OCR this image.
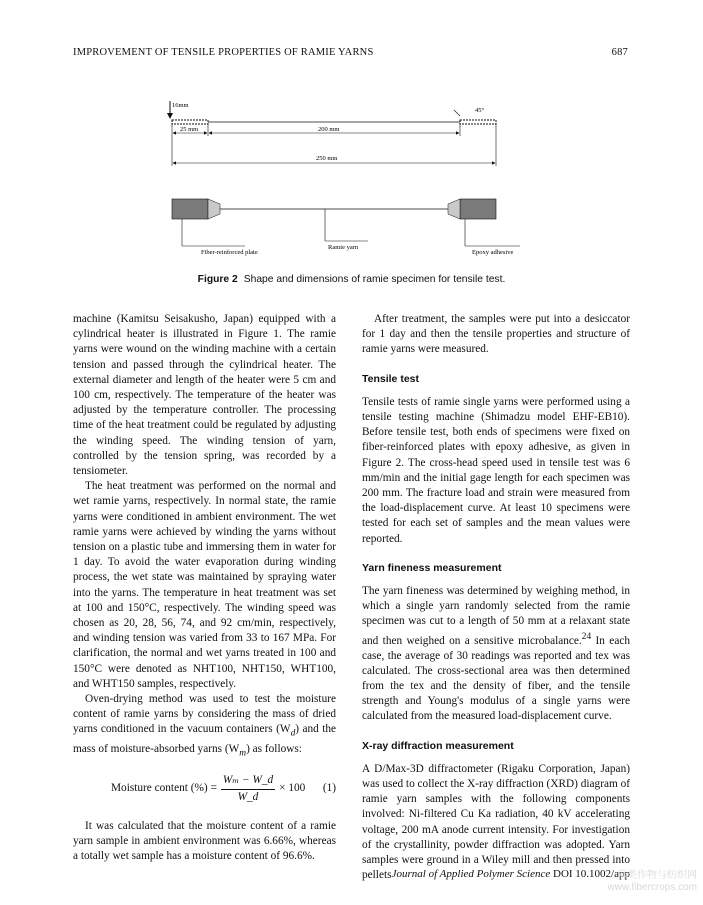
IMPROVEMENT OF TENSILE PROPERTIES OF RAMIE YARNS	687
16mm
45°
25 mm	200 mm
250 mm
Fiber-reinforced plate
Ramie yarn
Epoxy adhesive
Figure 2 Shape and dimensions of ramie specimen for tensile test.

machine (Kamitsu Seisakusho, Japan) equipped with a cylindrical heater is illustrated in Figure 1. The ramie yarns were wound on the winding machine with a certain tension and passed through the cylindrical heater. The external diameter and length of the heater were 5 cm and 100 cm, respectively. The temperature of the heater was adjusted by the temperature controller. The processing time of the heat treatment could be regulated by adjusting the winding speed. The winding tension of yarn, controlled by the tension spring, was recorded by a tensiometer.

The heat treatment was performed on the normal and wet ramie yarns, respectively. In normal state, the ramie yarns were conditioned in ambient environment. The wet ramie yarns were achieved by winding the yarns without tension on a plastic tube and immersing them in water for 1 day. To avoid the water evaporation during winding process, the wet state was maintained by spraying water into the yarns. The temperature in heat treatment was set at 100 and 150°C, respectively. The winding speed was chosen as 20, 28, 56, 74, and 92 cm/min, respectively, and winding tension was varied from 33 to 167 MPa. For clarification, the normal and wet yarns treated in 100 and 150°C were denoted as NHT100, NHT150, WHT100, and WHT150 samples, respectively.

Oven-drying method was used to test the moisture content of ramie yarns by considering the mass of dried yarns conditioned in the vacuum containers $(W_d)$ and the mass of moisture-absorbed yarns $(W_m)$ as follows:

Moisture content (%) = $\frac{\text{Wₘ − W\_d}}{W\_d} \times 100$ (1)

It was calculated that the moisture content of a ramie yarn sample in ambient environment was 6.66%, whereas a totally wet sample has a moisture content of 96.6%.

After treatment, the samples were put into a desiccator for 1 day and then the tensile properties and structure of ramie yarns were measured.

Tensile test

Tensile tests of ramie single yarns were performed using a tensile testing machine (Shimadzu model EHF-EB10). Before tensile test, both ends of specimens were fixed on fiber-reinforced plates with epoxy adhesive, as given in Figure 2. The cross-head speed used in tensile test was 6 mm/min and the initial gage length for each specimen was 200 mm. The fracture load and strain were measured from the load-displacement curve. At least 10 specimens were tested for each set of samples and the mean values were reported.

Yarn fineness measurement

The yarn fineness was determined by weighing method, in which a single yarn randomly selected from the ramie specimen was cut to a length of 50 mm at a relaxant state and then weighed on a sensitive microbalance.$^{24}$ In each case, the average of 30 readings was reported and tex was calculated. The cross-sectional area was then determined from the tex and the density of fiber, and the tensile strength and Young's modulus of a single yarns were calculated from the measured load-displacement curve.

X-ray diffraction measurement

A D/Max-3D diffractometer (Rigaku Corporation, Japan) was used to collect the X-ray diffraction (XRD) diagram of ramie yarn samples with the following components involved: Ni-filtered Cu Ka radiation, 40 kV accelerating voltage, 200 mA anode current intensity. For investigation of the crystallinity, powder diffraction was adopted. Yarn samples were ground in a Wiley mill and then pressed into pellets Journal of Applied Polymer Science DOI 10.1002/app
麻类作物与纺织网
www.fibercrops.com
